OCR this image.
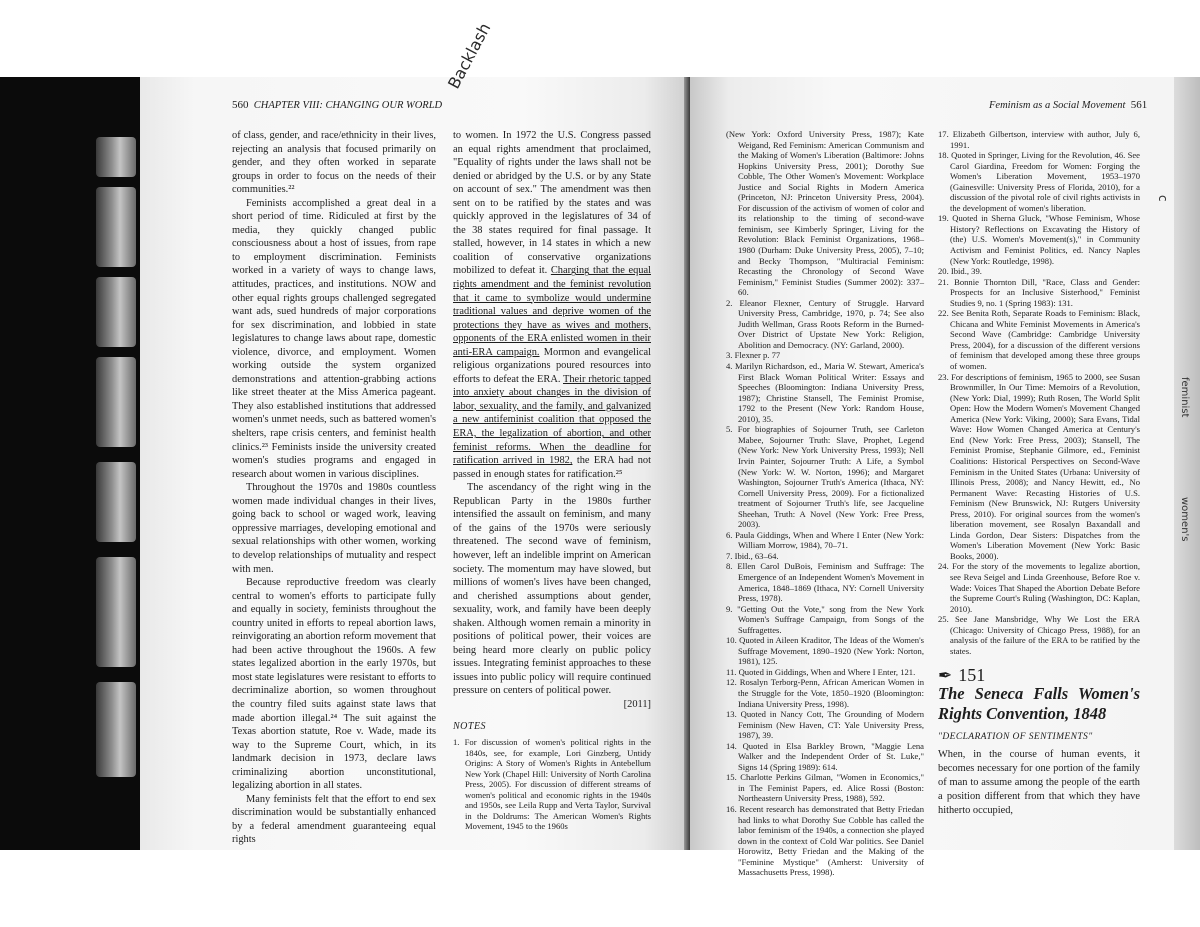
560 CHAPTER VIII: CHANGING OUR WORLD
Backlash

of class, gender, and race/ethnicity in their lives, rejecting an analysis that focused primarily on gender, and they often worked in separate groups in order to focus on the needs of their communities.²²

Feminists accomplished a great deal in a short period of time. Ridiculed at first by the media, they quickly changed public consciousness about a host of issues, from rape to employment discrimination. Feminists worked in a variety of ways to change laws, attitudes, practices, and institutions. NOW and other equal rights groups challenged segregated want ads, sued hundreds of major corporations for sex discrimination, and lobbied in state legislatures to change laws about rape, domestic violence, divorce, and employment. Women working outside the system organized demonstrations and attention-grabbing actions like street theater at the Miss America pageant. They also established institutions that addressed women's unmet needs, such as battered women's shelters, rape crisis centers, and feminist health clinics.²³ Feminists inside the university created women's studies programs and engaged in research about women in various disciplines.

Throughout the 1970s and 1980s countless women made individual changes in their lives, going back to school or waged work, leaving oppressive marriages, developing emotional and sexual relationships with other women, working to develop relationships of mutuality and respect with men.

Because reproductive freedom was clearly central to women's efforts to participate fully and equally in society, feminists throughout the country united in efforts to repeal abortion laws, reinvigorating an abortion reform movement that had been active throughout the 1960s. A few states legalized abortion in the early 1970s, but most state legislatures were resistant to efforts to decriminalize abortion, so women throughout the country filed suits against state laws that made abortion illegal.²⁴ The suit against the Texas abortion statute, Roe v. Wade, made its way to the Supreme Court, which, in its landmark decision in 1973, declare laws criminalizing abortion unconstitutional, legalizing abortion in all states.

Many feminists felt that the effort to end sex discrimination would be substantially enhanced by a federal amendment guaranteeing equal rights

to women. In 1972 the U.S. Congress passed an equal rights amendment that proclaimed, "Equality of rights under the laws shall not be denied or abridged by the U.S. or by any State on account of sex." The amendment was then sent on to be ratified by the states and was quickly approved in the legislatures of 34 of the 38 states required for final passage. It stalled, however, in 14 states in which a new coalition of conservative organizations mobilized to defeat it. Charging that the equal rights amendment and the feminist revolution that it came to symbolize would undermine traditional values and deprive women of the protections they have as wives and mothers, opponents of the ERA enlisted women in their anti-ERA campaign. Mormon and evangelical religious organizations poured resources into efforts to defeat the ERA. Their rhetoric tapped into anxiety about changes in the division of labor, sexuality, and the family, and galvanized a new antifeminist coalition that opposed the ERA, the legalization of abortion, and other feminist reforms. When the deadline for ratification arrived in 1982, the ERA had not passed in enough states for ratification.²⁵

The ascendancy of the right wing in the Republican Party in the 1980s further intensified the assault on feminism, and many of the gains of the 1970s were seriously threatened. The second wave of feminism, however, left an indelible imprint on American society. The momentum may have slowed, but millions of women's lives have been changed, and cherished assumptions about gender, sexuality, work, and family have been deeply shaken. Although women remain a minority in positions of political power, their voices are being heard more clearly on public policy issues. Integrating feminist approaches to these issues into public policy will require continued pressure on centers of political power.

[2011]
NOTES

1. For discussion of women's political rights in the 1840s, see, for example, Lori Ginzberg, Untidy Origins: A Story of Women's Rights in Antebellum New York (Chapel Hill: University of North Carolina Press, 2005). For discussion of different streams of women's political and economic rights in the 1940s and 1950s, see Leila Rupp and Verta Taylor, Survival in the Doldrums: The American Women's Rights Movement, 1945 to the 1960s

Feminism as a Social Movement 561

(New York: Oxford University Press, 1987); Kate Weigand, Red Feminism: American Communism and the Making of Women's Liberation (Baltimore: Johns Hopkins University Press, 2001); Dorothy Sue Cobble, The Other Women's Movement: Workplace Justice and Social Rights in Modern America (Princeton, NJ: Princeton University Press, 2004). For discussion of the activism of women of color and its relationship to the timing of second-wave feminism, see Kimberly Springer, Living for the Revolution: Black Feminist Organizations, 1968–1980 (Durham: Duke University Press, 2005), 7–10; and Becky Thompson, "Multiracial Feminism: Recasting the Chronology of Second Wave Feminism," Feminist Studies (Summer 2002): 337–60.

2. Eleanor Flexner, Century of Struggle. Harvard University Press, Cambridge, 1970, p. 74; See also Judith Wellman, Grass Roots Reform in the Burned-Over District of Upstate New York: Religion, Abolition and Democracy. (NY: Garland, 2000).

3. Flexner p. 77

4. Marilyn Richardson, ed., Maria W. Stewart, America's First Black Woman Political Writer: Essays and Speeches (Bloomington: Indiana University Press, 1987); Christine Stansell, The Feminist Promise, 1792 to the Present (New York: Random House, 2010), 35.

5. For biographies of Sojourner Truth, see Carleton Mabee, Sojourner Truth: Slave, Prophet, Legend (New York: New York University Press, 1993); Nell Irvin Painter, Sojourner Truth: A Life, a Symbol (New York: W. W. Norton, 1996); and Margaret Washington, Sojourner Truth's America (Ithaca, NY: Cornell University Press, 2009). For a fictionalized treatment of Sojourner Truth's life, see Jacqueline Sheehan, Truth: A Novel (New York: Free Press, 2003).

6. Paula Giddings, When and Where I Enter (New York: William Morrow, 1984), 70–71.

7. Ibid., 63–64.

8. Ellen Carol DuBois, Feminism and Suffrage: The Emergence of an Independent Women's Movement in America, 1848–1869 (Ithaca, NY: Cornell University Press, 1978).

9. "Getting Out the Vote," song from the New York Women's Suffrage Campaign, from Songs of the Suffragettes.

10. Quoted in Aileen Kraditor, The Ideas of the Women's Suffrage Movement, 1890–1920 (New York: Norton, 1981), 125.

11. Quoted in Giddings, When and Where I Enter, 121.

12. Rosalyn Terborg-Penn, African American Women in the Struggle for the Vote, 1850–1920 (Bloomington: Indiana University Press, 1998).

13. Quoted in Nancy Cott, The Grounding of Modern Feminism (New Haven, CT: Yale University Press, 1987), 39.

14. Quoted in Elsa Barkley Brown, "Maggie Lena Walker and the Independent Order of St. Luke," Signs 14 (Spring 1989): 614.

15. Charlotte Perkins Gilman, "Women in Economics," in The Feminist Papers, ed. Alice Rossi (Boston: Northeastern University Press, 1988), 592.

16. Recent research has demonstrated that Betty Friedan had links to what Dorothy Sue Cobble has called the labor feminism of the 1940s, a connection she played down in the context of Cold War politics. See Daniel Horowitz, Betty Friedan and the Making of the "Feminine Mystique" (Amherst: University of Massachusetts Press, 1998).

17. Elizabeth Gilbertson, interview with author, July 6, 1991.

18. Quoted in Springer, Living for the Revolution, 46. See Carol Giardina, Freedom for Women: Forging the Women's Liberation Movement, 1953–1970 (Gainesville: University Press of Florida, 2010), for a discussion of the pivotal role of civil rights activists in the development of women's liberation.

19. Quoted in Sherna Gluck, "Whose Feminism, Whose History? Reflections on Excavating the History of (the) U.S. Women's Movement(s)," in Community Activism and Feminist Politics, ed. Nancy Naples (New York: Routledge, 1998).

20. Ibid., 39.

21. Bonnie Thornton Dill, "Race, Class and Gender: Prospects for an Inclusive Sisterhood," Feminist Studies 9, no. 1 (Spring 1983): 131.

22. See Benita Roth, Separate Roads to Feminism: Black, Chicana and White Feminist Movements in America's Second Wave (Cambridge: Cambridge University Press, 2004), for a discussion of the different versions of feminism that developed among these three groups of women.

23. For descriptions of feminism, 1965 to 2000, see Susan Brownmiller, In Our Time: Memoirs of a Revolution, (New York: Dial, 1999); Ruth Rosen, The World Split Open: How the Modern Women's Movement Changed America (New York: Viking, 2000); Sara Evans, Tidal Wave: How Women Changed America at Century's End (New York: Free Press, 2003); Stansell, The Feminist Promise, Stephanie Gilmore, ed., Feminist Coalitions: Historical Perspectives on Second-Wave Feminism in the United States (Urbana: University of Illinois Press, 2008); and Nancy Hewitt, ed., No Permanent Wave: Recasting Histories of U.S. Feminism (New Brunswick, NJ: Rutgers University Press, 2010). For original sources from the women's liberation movement, see Rosalyn Baxandall and Linda Gordon, Dear Sisters: Dispatches from the Women's Liberation Movement (New York: Basic Books, 2000).

24. For the story of the movements to legalize abortion, see Reva Seigel and Linda Greenhouse, Before Roe v. Wade: Voices That Shaped the Abortion Debate Before the Supreme Court's Ruling (Washington, DC: Kaplan, 2010).

25. See Jane Mansbridge, Why We Lost the ERA (Chicago: University of Chicago Press, 1988), for an analysis of the failure of the ERA to be ratified by the states.

✒ 151
The Seneca Falls Women's Rights Convention, 1848
"DECLARATION OF SENTIMENTS"

When, in the course of human events, it becomes necessary for one portion of the family of man to assume among the people of the earth a position different from that which they have hitherto occupied,

c
feminist
women's
